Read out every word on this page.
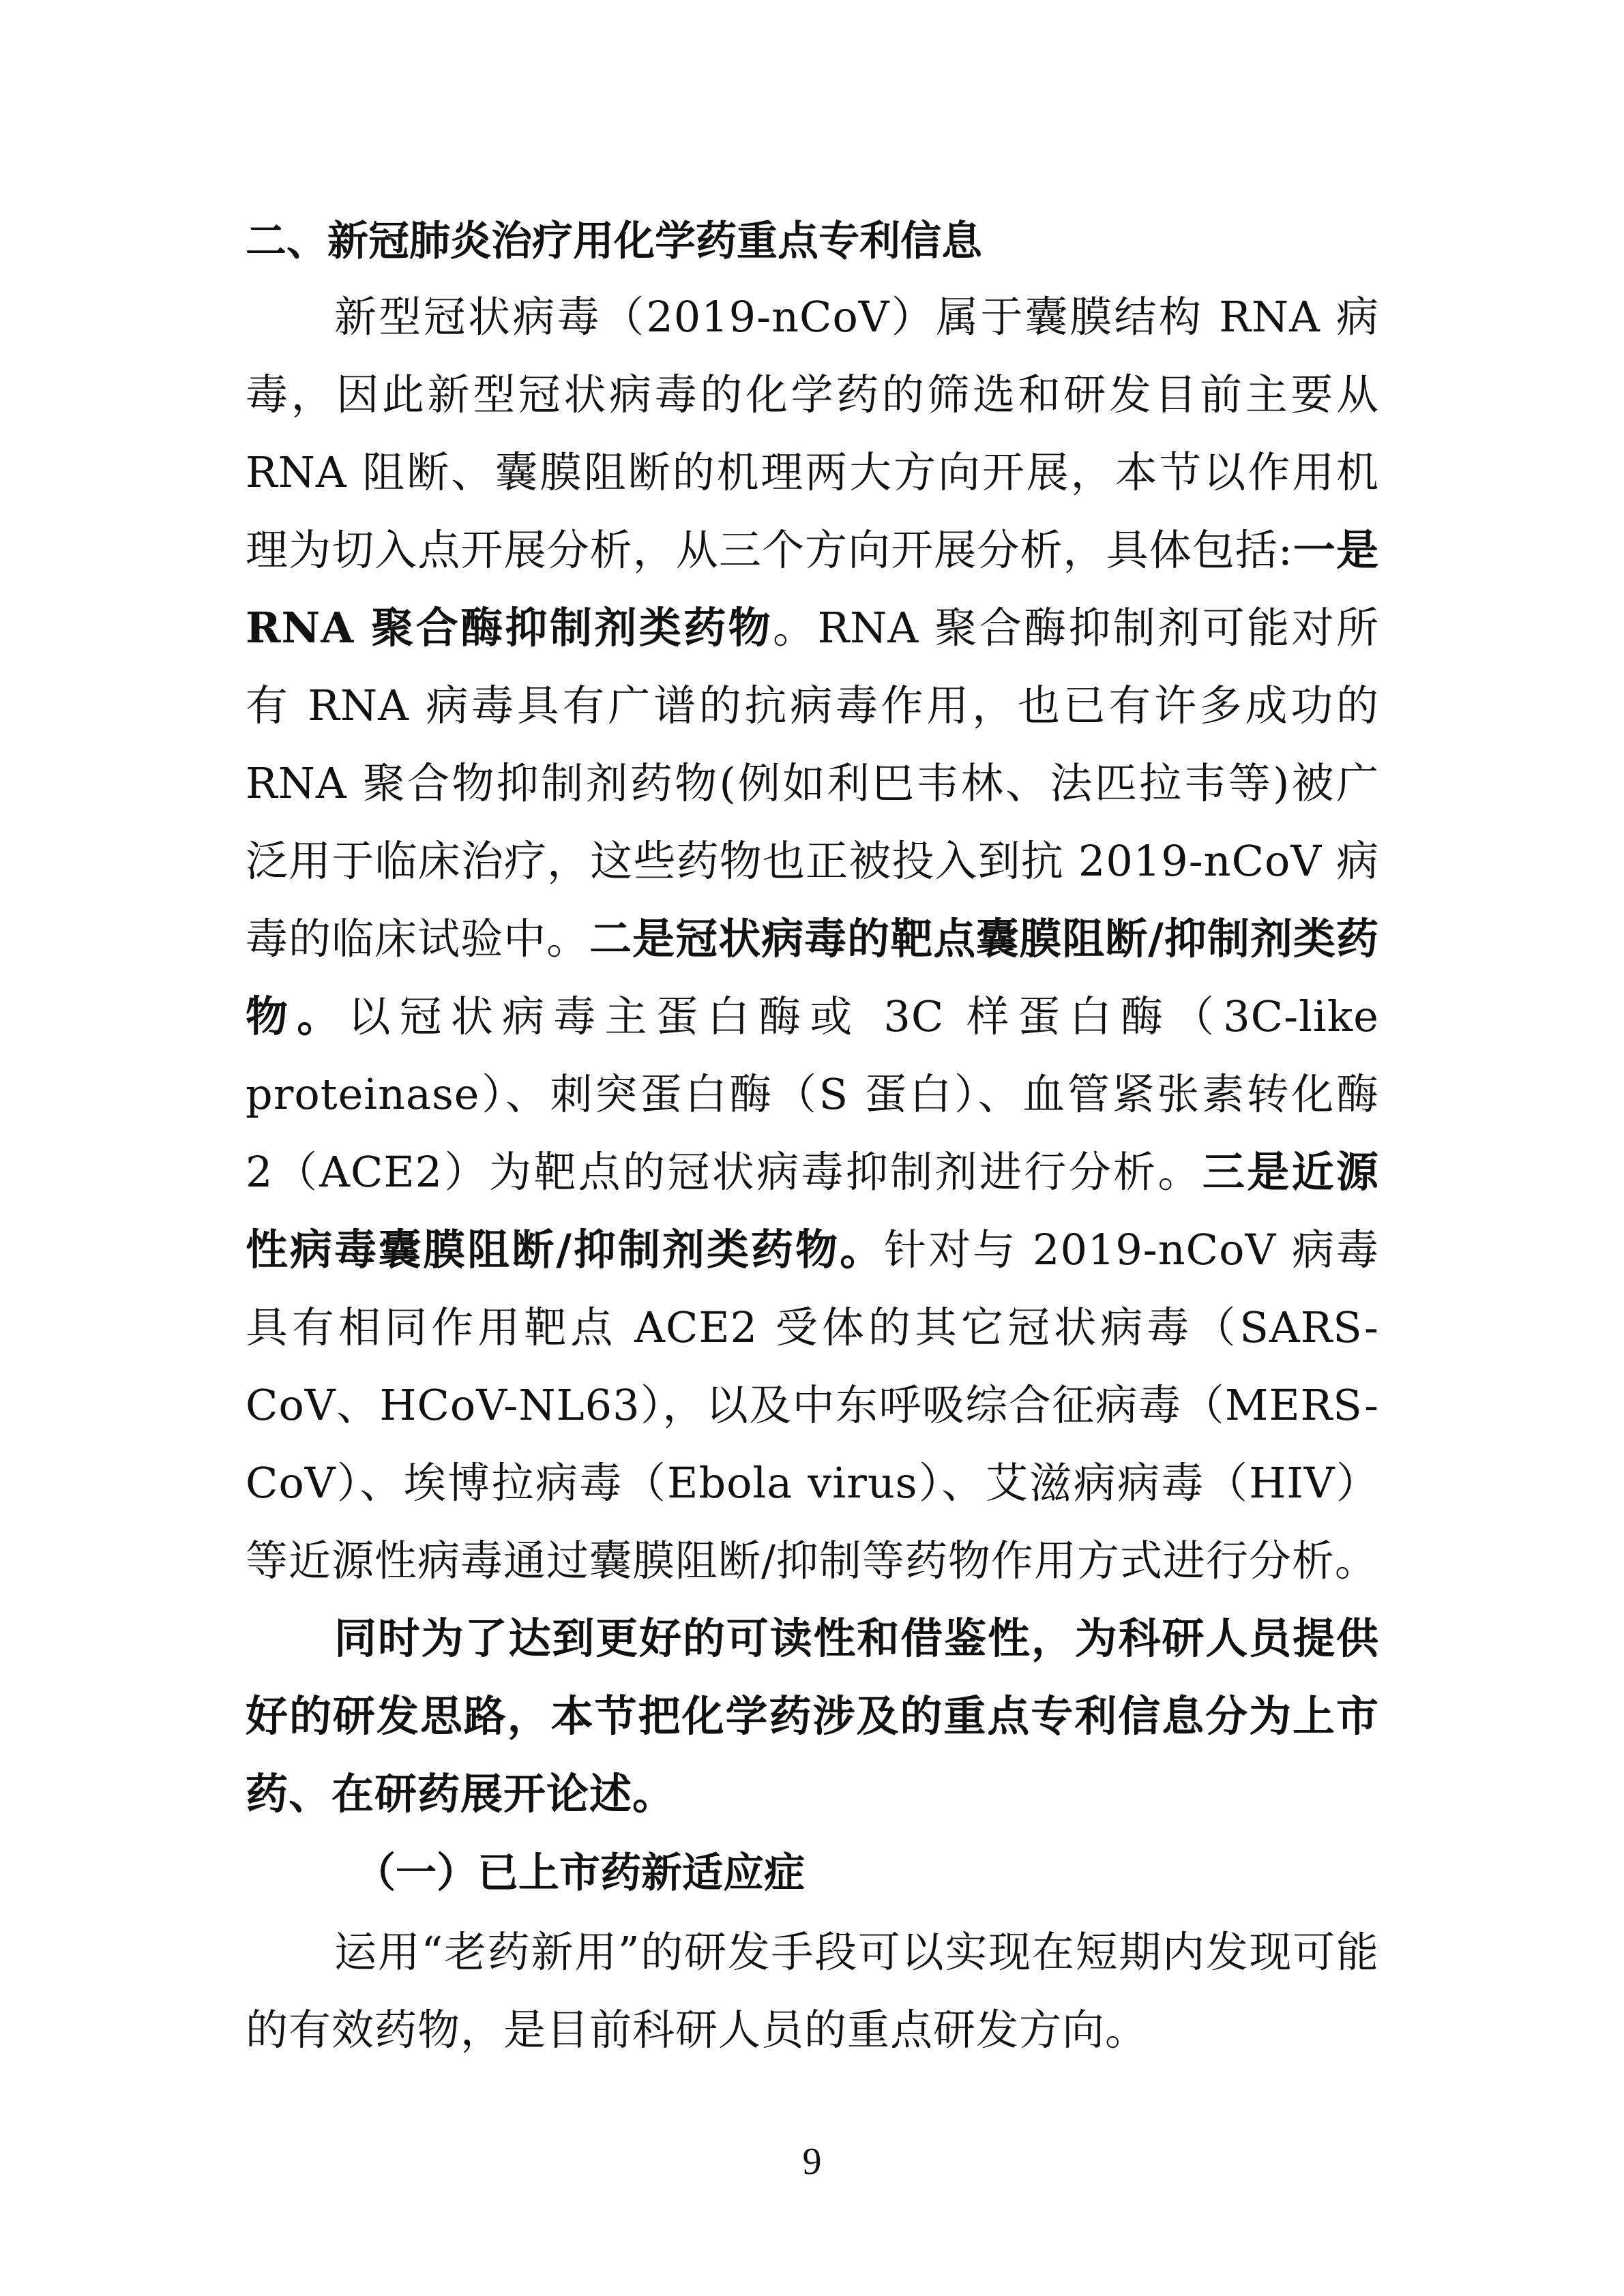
二、新冠肺炎治疗用化学药重点专利信息

新型冠状病毒（2019-nCoV）属于囊膜结构 RNA 病毒，因此新型冠状病毒的化学药的筛选和研发目前主要从 RNA 阻断、囊膜阻断的机理两大方向开展，本节以作用机理为切入点开展分析，从三个方向开展分析，具体包括:一是 RNA 聚合酶抑制剂类药物。RNA 聚合酶抑制剂可能对所有 RNA 病毒具有广谱的抗病毒作用，也已有许多成功的 RNA 聚合物抑制剂药物(例如利巴韦林、法匹拉韦等)被广泛用于临床治疗，这些药物也正被投入到抗 2019-nCoV 病毒的临床试验中。二是冠状病毒的靶点囊膜阻断/抑制剂类药物。以冠状病毒主蛋白酶或 3C 样蛋白酶（3C-like proteinase）、刺突蛋白酶（S 蛋白）、血管紧张素转化酶 2（ACE2）为靶点的冠状病毒抑制剂进行分析。三是近源性病毒囊膜阻断/抑制剂类药物。针对与 2019-nCoV 病毒具有相同作用靶点 ACE2 受体的其它冠状病毒（SARS-CoV、HCoV-NL63），以及中东呼吸综合征病毒（MERS-CoV）、埃博拉病毒（Ebola virus）、艾滋病病毒（HIV）等近源性病毒通过囊膜阻断/抑制等药物作用方式进行分析。

同时为了达到更好的可读性和借鉴性，为科研人员提供好的研发思路，本节把化学药涉及的重点专利信息分为上市药、在研药展开论述。

（一）已上市药新适应症

运用“老药新用”的研发手段可以实现在短期内发现可能的有效药物，是目前科研人员的重点研发方向。

9
